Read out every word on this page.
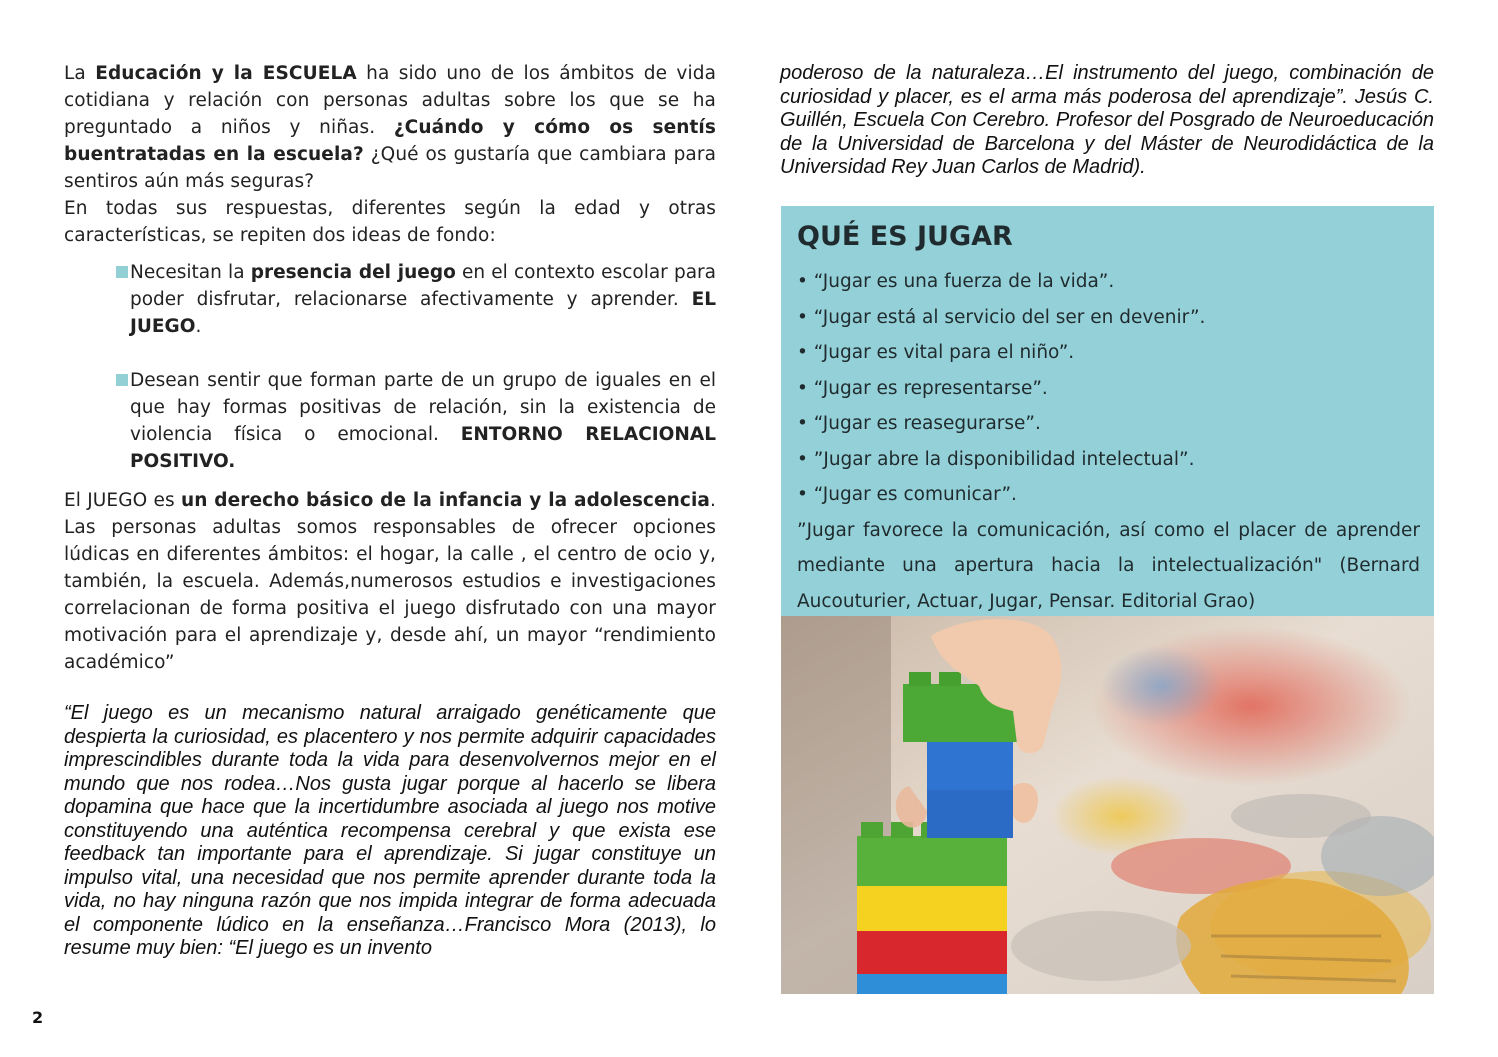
La Educación y la ESCUELA ha sido uno de los ámbitos de vida cotidiana y relación con personas adultas sobre los que se ha preguntado a niños y niñas. ¿Cuándo y cómo os sentís buentratadas en la escuela? ¿Qué os gustaría que cambiara para sentiros aún más seguras?

En todas sus respuestas, diferentes según la edad y otras características, se repiten dos ideas de fondo:

Necesitan la presencia del juego en el contexto escolar para poder disfrutar, relacionarse afectivamente y aprender. EL JUEGO.

Desean sentir que forman parte de un grupo de iguales en el que hay formas positivas de relación, sin la existencia de violencia física o emocional. ENTORNO RELACIONAL POSITIVO.

El JUEGO es un derecho básico de la infancia y la adolescencia. Las personas adultas somos responsables de ofrecer opciones lúdicas en diferentes ámbitos: el hogar, la calle , el centro de ocio y, también, la escuela. Además,numerosos estudios e investigaciones correlacionan de forma positiva el juego disfrutado con una mayor motivación para el aprendizaje y, desde ahí, un mayor “rendimiento académico”

“El juego es un mecanismo natural arraigado genéticamente que despierta la curiosidad, es placentero y nos permite adquirir capacidades imprescindibles durante toda la vida para desenvolvernos mejor en el mundo que nos rodea…Nos gusta jugar porque al hacerlo se libera dopamina que hace que la incertidumbre asociada al juego nos motive constituyendo una auténtica recompensa cerebral y que exista ese feedback tan importante para el aprendizaje. Si jugar constituye un impulso vital, una necesidad que nos permite aprender durante toda la vida, no hay ninguna razón que nos impida integrar de forma adecuada el componente lúdico en la enseñanza…Francisco Mora (2013), lo resume muy bien: “El juego es un invento

poderoso de la naturaleza…El instrumento del juego, combinación de curiosidad y placer, es el arma más poderosa del aprendizaje”. Jesús C. Guillén, Escuela Con Cerebro. Profesor del Posgrado de Neuroeducación de la Universidad de Barcelona y del Máster de Neurodidáctica de la Universidad Rey Juan Carlos de Madrid).

QUÉ ES JUGAR

• “Jugar es una fuerza de la vida”.

• “Jugar está al servicio del ser en devenir”.

• “Jugar es vital para el niño”.

• “Jugar es representarse”.

• “Jugar es reasegurarse”.

• ”Jugar abre la disponibilidad intelectual”.

• “Jugar es comunicar”.

”Jugar favorece la comunicación, así como el placer de aprender mediante una apertura hacia la intelectualización" (Bernard Aucouturier, Actuar, Jugar, Pensar. Editorial Grao)

2
